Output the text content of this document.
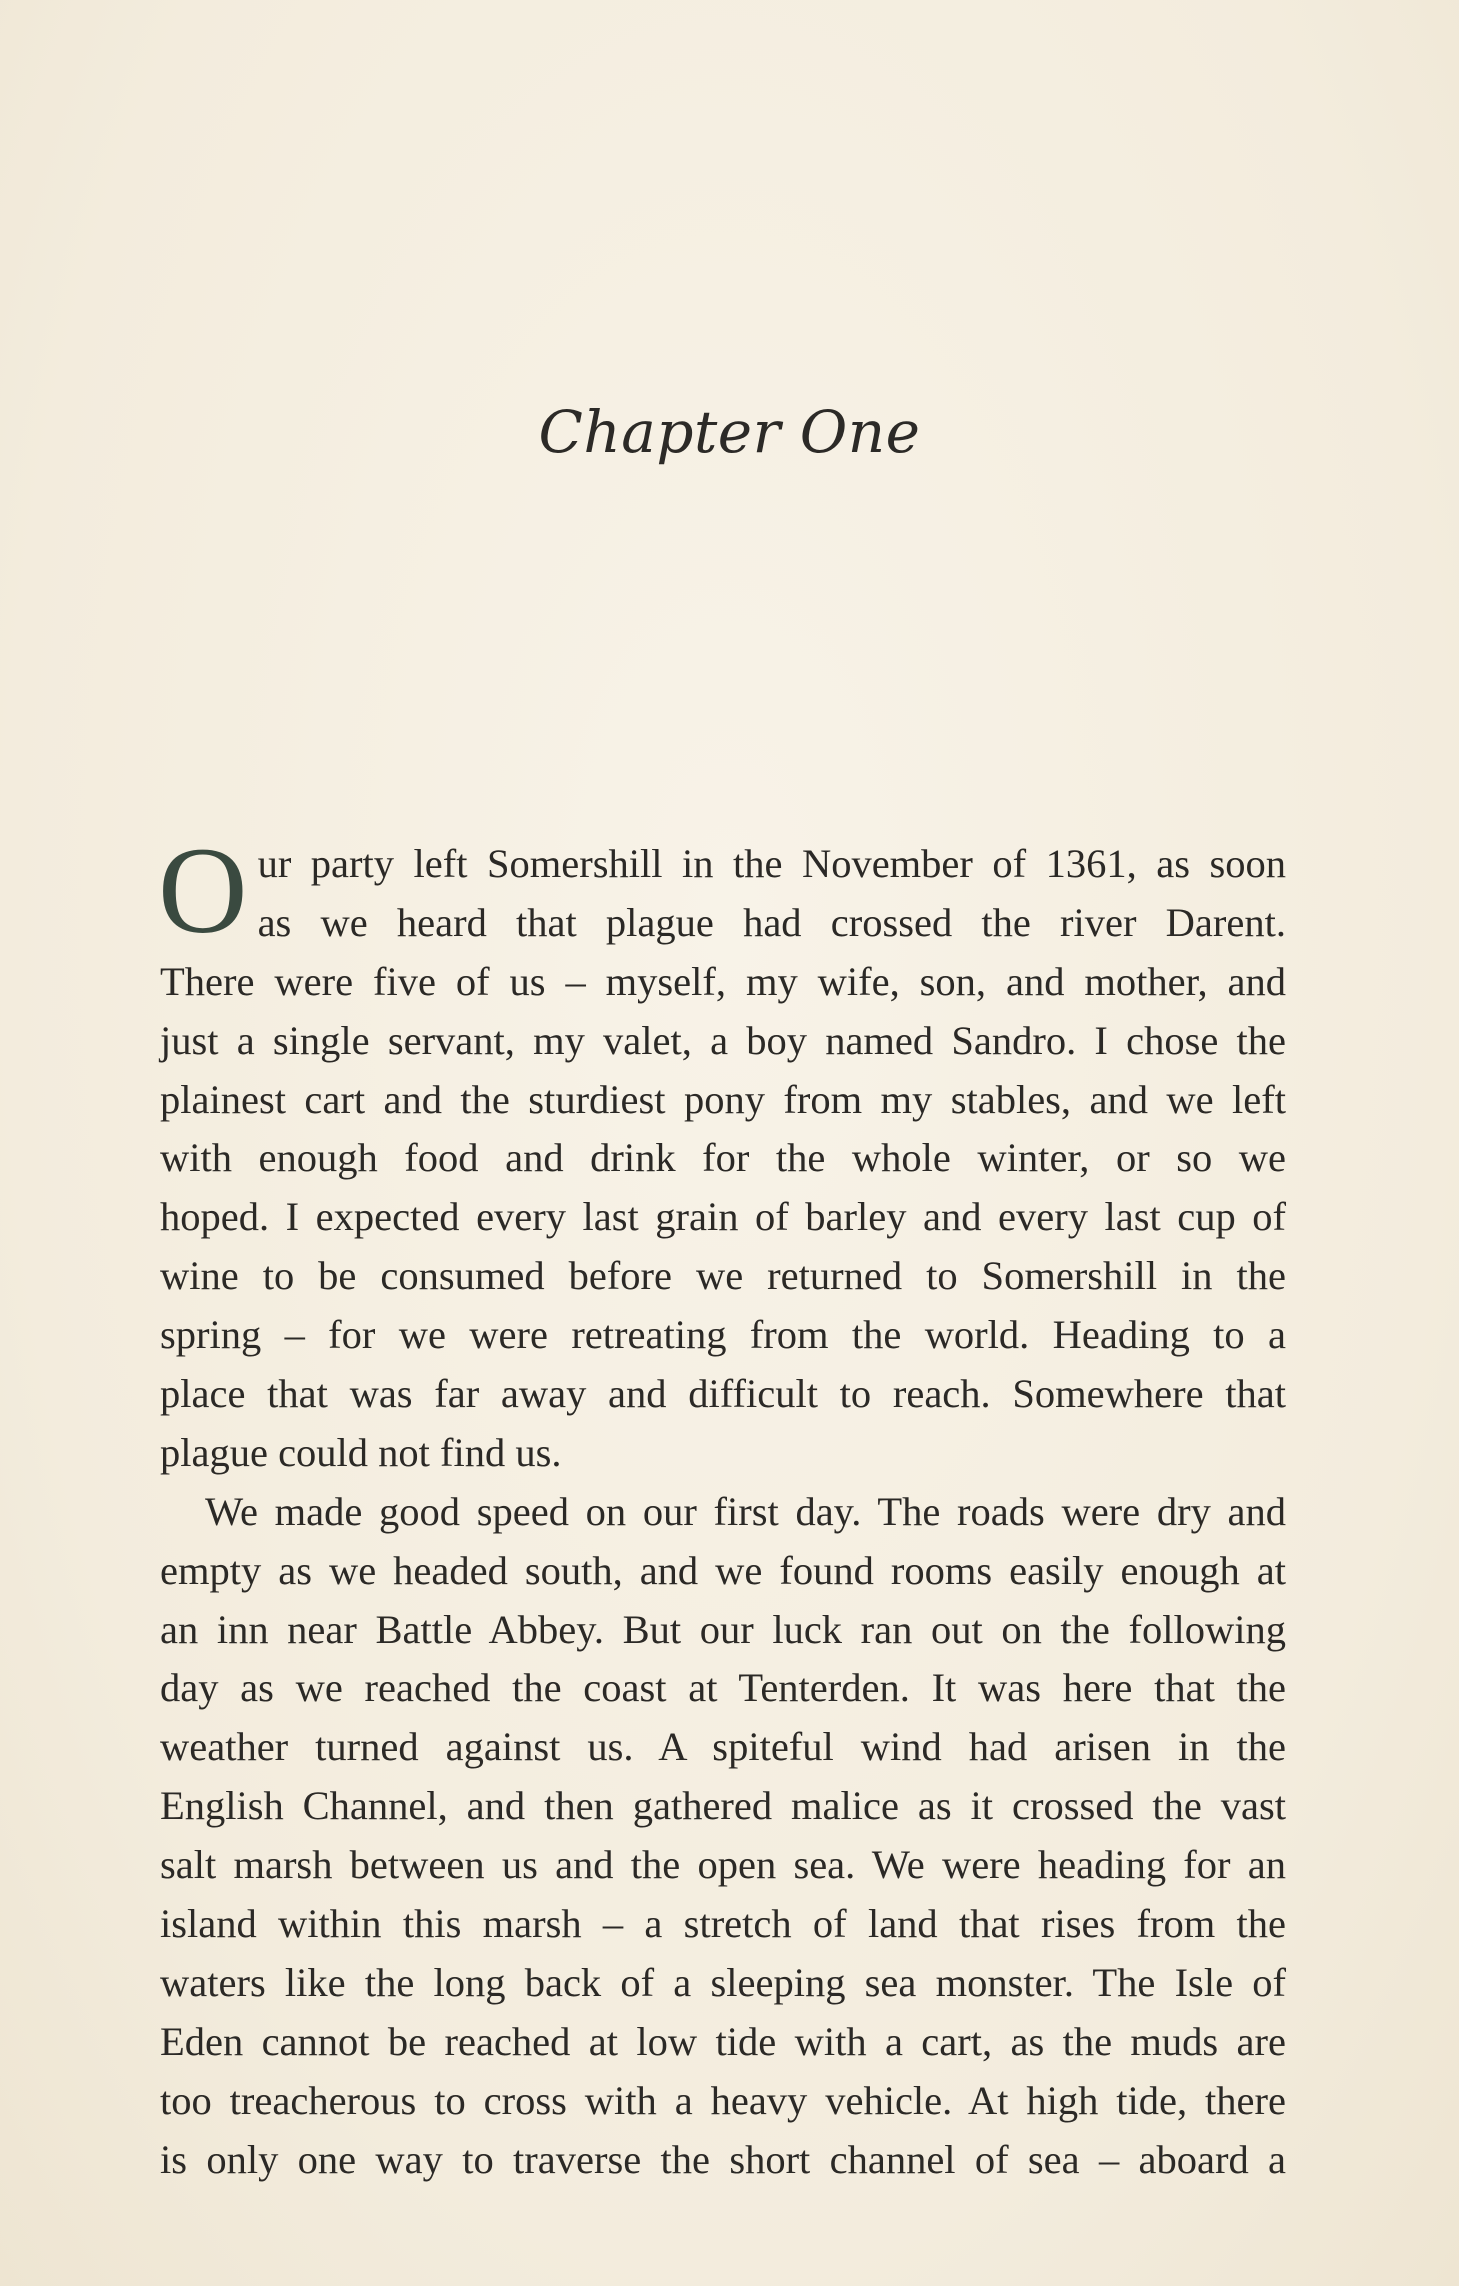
Chapter One
O ur party left Somershill in the November of 1361, as soon
as we heard that plague had crossed the river Darent.
There were five of us – myself, my wife, son, and mother, and
just a single servant, my valet, a boy named Sandro. I chose the
plainest cart and the sturdiest pony from my stables, and we left
with enough food and drink for the whole winter, or so we
hoped. I expected every last grain of barley and every last cup of
wine to be consumed before we returned to Somershill in the
spring – for we were retreating from the world. Heading to a
place that was far away and difficult to reach. Somewhere that
plague could not find us.
We made good speed on our first day. The roads were dry and
empty as we headed south, and we found rooms easily enough at
an inn near Battle Abbey. But our luck ran out on the following
day as we reached the coast at Tenterden. It was here that the
weather turned against us. A spiteful wind had arisen in the
English Channel, and then gathered malice as it crossed the vast
salt marsh between us and the open sea. We were heading for an
island within this marsh – a stretch of land that rises from the
waters like the long back of a sleeping sea monster. The Isle of
Eden cannot be reached at low tide with a cart, as the muds are
too treacherous to cross with a heavy vehicle. At high tide, there
is only one way to traverse the short channel of sea – aboard a
